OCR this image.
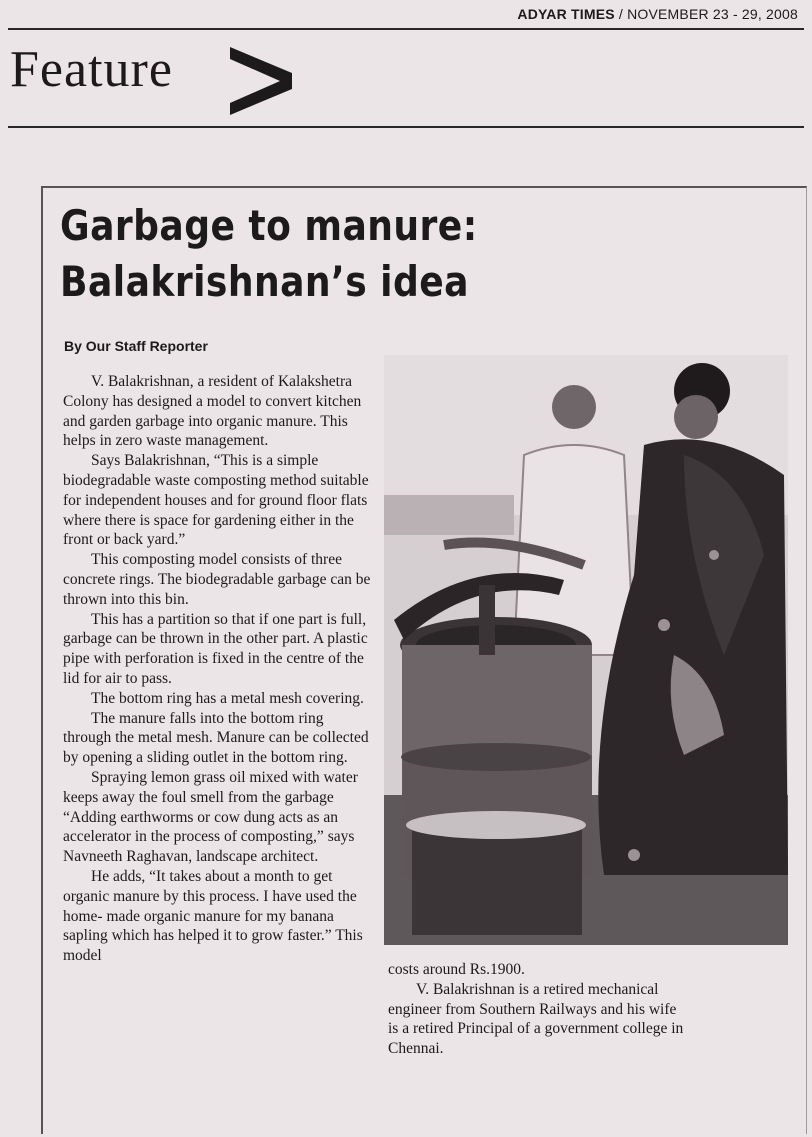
ADYAR TIMES / NOVEMBER 23 - 29, 2008
Feature
Garbage to manure:
Balakrishnan’s idea
By Our Staff Reporter

V. Balakrishnan, a resident of Kalakshetra Colony has designed a model to convert kitchen and garden garbage into organic manure. This helps in zero waste management.

Says Balakrishnan, “This is a simple biodegradable waste composting method suitable for independent houses and for ground floor flats where there is space for gardening either in the front or back yard.”

This composting model consists of three concrete rings. The biodegradable garbage can be thrown into this bin.

This has a partition so that if one part is full, garbage can be thrown in the other part. A plastic pipe with perforation is fixed in the centre of the lid for air to pass.

The bottom ring has a metal mesh covering.

The manure falls into the bottom ring through the metal mesh. Manure can be collected by opening a sliding outlet in the bottom ring.

Spraying lemon grass oil mixed with water keeps away the foul smell from the garbage “Adding earthworms or cow dung acts as an accelerator in the process of composting,” says Navneeth Raghavan, landscape architect.

He adds, “It takes about a month to get organic manure by this process. I have used the home- made organic manure for my banana sapling which has helped it to grow faster.” This model

costs around Rs.1900.

V. Balakrishnan is a retired mechanical engineer from Southern Railways and his wife is a retired Principal of a government college in Chennai.
